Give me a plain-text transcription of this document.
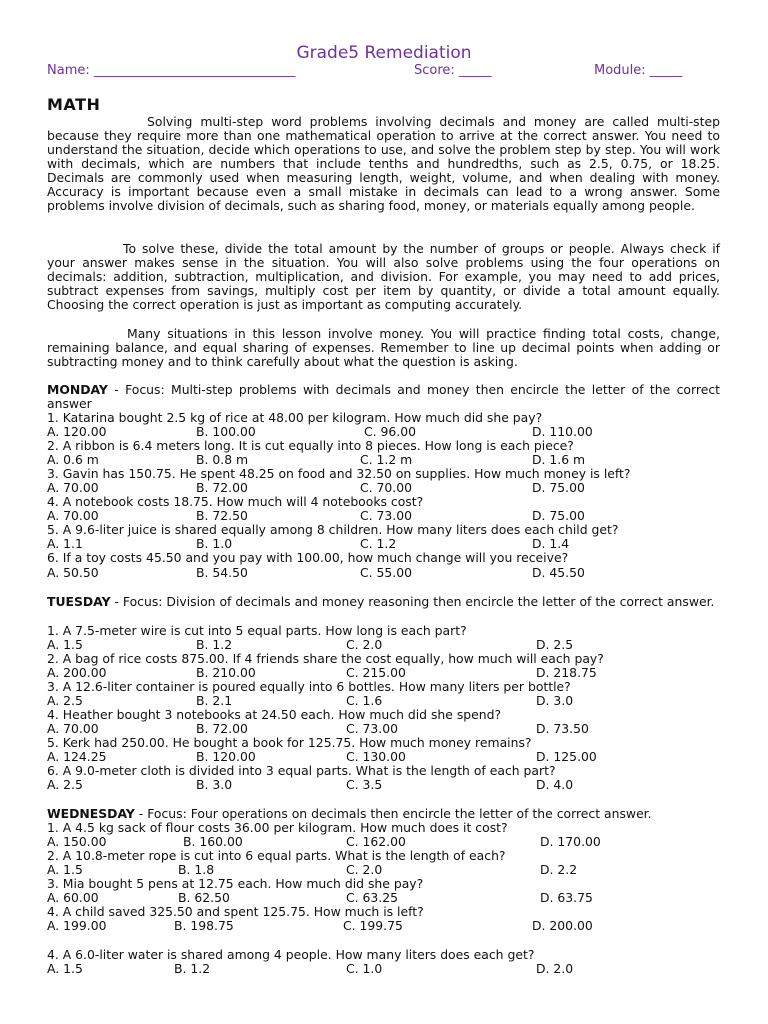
Grade5 Remediation
Name: _______________________________	Score: _____	Module: _____
MATH

Solving multi-step word problems involving decimals and money are called multi-step because they require more than one mathematical operation to arrive at the correct answer. You need to understand the situation, decide which operations to use, and solve the problem step by step. You will work with decimals, which are numbers that include tenths and hundredths, such as 2.5, 0.75, or 18.25. Decimals are commonly used when measuring length, weight, volume, and when dealing with money. Accuracy is important because even a small mistake in decimals can lead to a wrong answer. Some problems involve division of decimals, such as sharing food, money, or materials equally among people.

To solve these, divide the total amount by the number of groups or people. Always check if your answer makes sense in the situation. You will also solve problems using the four operations on decimals: addition, subtraction, multiplication, and division. For example, you may need to add prices, subtract expenses from savings, multiply cost per item by quantity, or divide a total amount equally. Choosing the correct operation is just as important as computing accurately.

Many situations in this lesson involve money. You will practice finding total costs, change, remaining balance, and equal sharing of expenses. Remember to line up decimal points when adding or subtracting money and to think carefully about what the question is asking.

MONDAY - Focus: Multi-step problems with decimals and money then encircle the letter of the correct answer
1. Katarina bought 2.5 kg of rice at 48.00 per kilogram. How much did she pay?
A. 120.00	B. 100.00	C. 96.00	D. 110.00
2. A ribbon is 6.4 meters long. It is cut equally into 8 pieces. How long is each piece?
A. 0.6 m	B. 0.8 m	C. 1.2 m	D. 1.6 m
3. Gavin has 150.75. He spent 48.25 on food and 32.50 on supplies. How much money is left?
A. 70.00	B. 72.00	C. 70.00	D. 75.00
4. A notebook costs 18.75. How much will 4 notebooks cost?
A. 70.00	B. 72.50	C. 73.00	D. 75.00
5. A 9.6-liter juice is shared equally among 8 children. How many liters does each child get?
A. 1.1	B. 1.0	C. 1.2	D. 1.4
6. If a toy costs 45.50 and you pay with 100.00, how much change will you receive?
A. 50.50	B. 54.50	C. 55.00	D. 45.50
TUESDAY - Focus: Division of decimals and money reasoning then encircle the letter of the correct answer.
1. A 7.5-meter wire is cut into 5 equal parts. How long is each part?
A. 1.5	B. 1.2	C. 2.0	D. 2.5
2. A bag of rice costs 875.00. If 4 friends share the cost equally, how much will each pay?
A. 200.00	B. 210.00	C. 215.00	D. 218.75
3. A 12.6-liter container is poured equally into 6 bottles. How many liters per bottle?
A. 2.5	B. 2.1	C. 1.6	D. 3.0
4. Heather bought 3 notebooks at 24.50 each. How much did she spend?
A. 70.00	B. 72.00	C. 73.00	D. 73.50
5. Kerk had 250.00. He bought a book for 125.75. How much money remains?
A. 124.25	B. 120.00	C. 130.00	D. 125.00
6. A 9.0-meter cloth is divided into 3 equal parts. What is the length of each part?
A. 2.5	B. 3.0	C. 3.5	D. 4.0
WEDNESDAY - Focus: Four operations on decimals then encircle the letter of the correct answer.
1. A 4.5 kg sack of flour costs 36.00 per kilogram. How much does it cost?
A. 150.00	B. 160.00	C. 162.00	D. 170.00
2. A 10.8-meter rope is cut into 6 equal parts. What is the length of each?
A. 1.5	B. 1.8	C. 2.0	D. 2.2
3. Mia bought 5 pens at 12.75 each. How much did she pay?
A. 60.00	B. 62.50	C. 63.25	D. 63.75
4. A child saved 325.50 and spent 125.75. How much is left?
A. 199.00	B. 198.75	C. 199.75	D. 200.00
4. A 6.0-liter water is shared among 4 people. How many liters does each get?
A. 1.5	B. 1.2	C. 1.0	D. 2.0
